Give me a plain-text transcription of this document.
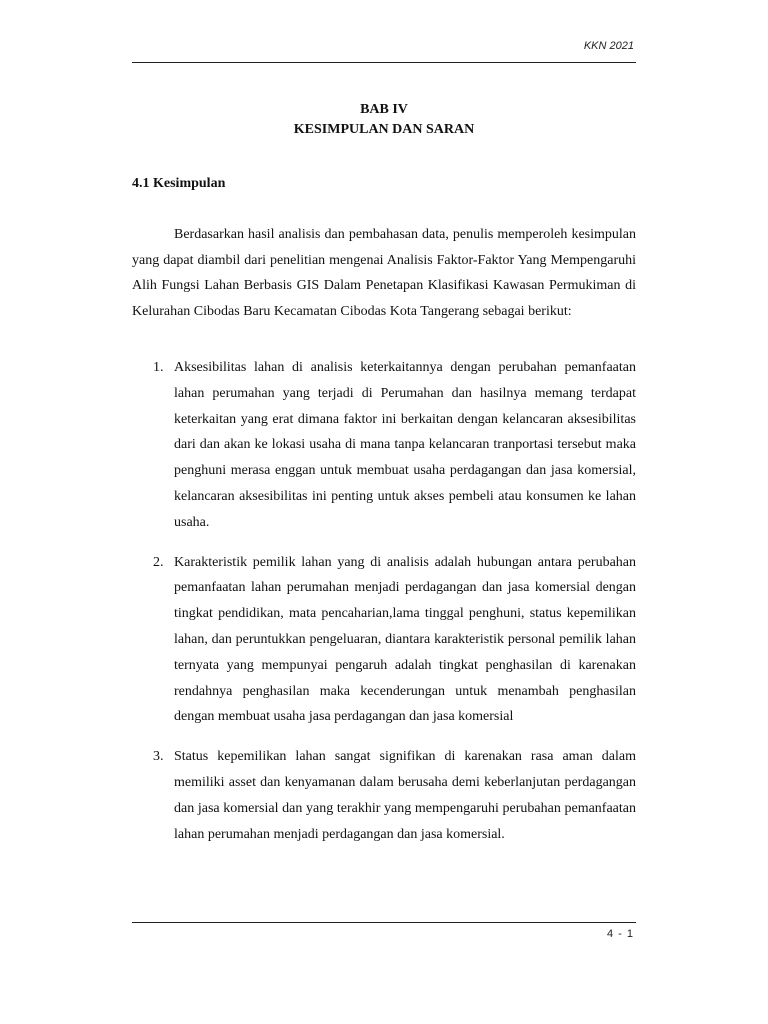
KKN 2021
BAB IV
KESIMPULAN DAN SARAN
4.1 Kesimpulan

Berdasarkan hasil analisis dan pembahasan data, penulis memperoleh kesimpulan yang dapat diambil dari penelitian mengenai Analisis Faktor-Faktor Yang Mempengaruhi Alih Fungsi Lahan Berbasis GIS Dalam Penetapan Klasifikasi Kawasan Permukiman di Kelurahan Cibodas Baru Kecamatan Cibodas Kota Tangerang sebagai berikut:

1. Aksesibilitas lahan di analisis keterkaitannya dengan perubahan pemanfaatan lahan perumahan yang terjadi di Perumahan dan hasilnya memang terdapat keterkaitan yang erat dimana faktor ini berkaitan dengan kelancaran aksesibilitas dari dan akan ke lokasi usaha di mana tanpa kelancaran tranportasi tersebut maka penghuni merasa enggan untuk membuat usaha perdagangan dan jasa komersial, kelancaran aksesibilitas ini penting untuk akses pembeli atau konsumen ke lahan usaha.
2. Karakteristik pemilik lahan yang di analisis adalah hubungan antara perubahan pemanfaatan lahan perumahan menjadi perdagangan dan jasa komersial dengan tingkat pendidikan, mata pencaharian,lama tinggal penghuni, status kepemilikan lahan, dan peruntukkan pengeluaran, diantara karakteristik personal pemilik lahan ternyata yang mempunyai pengaruh adalah tingkat penghasilan di karenakan rendahnya penghasilan maka kecenderungan untuk menambah penghasilan dengan membuat usaha jasa perdagangan dan jasa komersial
3. Status kepemilikan lahan sangat signifikan di karenakan rasa aman dalam memiliki asset dan kenyamanan dalam berusaha demi keberlanjutan perdagangan dan jasa komersial dan yang terakhir yang mempengaruhi perubahan pemanfaatan lahan perumahan menjadi perdagangan dan jasa komersial.
4 - 1
